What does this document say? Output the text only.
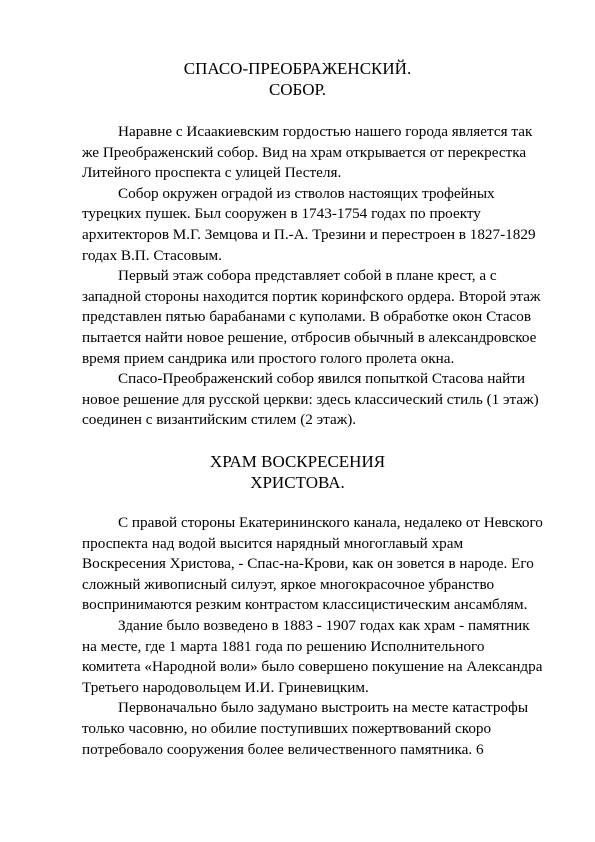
СПАСО-ПРЕОБРАЖЕНСКИЙ.
СОБОР.

Наравне с Исаакиевским гордостью нашего города является так же Преображенский собор. Вид на храм открывается от перекрестка Литейного проспекта с улицей Пестеля.

Собор окружен оградой из стволов настоящих трофейных турецких пушек. Был сооружен в 1743-1754 годах по проекту архитекторов М.Г. Земцова и П.-А. Трезини и перестроен в 1827-1829 годах В.П. Стасовым.

Первый этаж собора представляет собой в плане крест, а с западной стороны находится портик коринфского ордера. Второй этаж представлен пятью барабанами с куполами. В обработке окон Стасов пытается найти новое решение, отбросив обычный в александровское время прием сандрика или простого голого пролета окна.

Спасо-Преображенский собор явился попыткой Стасова найти новое решение для русской церкви: здесь классический стиль (1 этаж) соединен с византийским стилем (2 этаж).

ХРАМ ВОСКРЕСЕНИЯ
ХРИСТОВА.

С правой стороны Екатерининского канала, недалеко от Невского проспекта над водой высится нарядный многоглавый храм Воскресения Христова, - Спас-на-Крови, как он зовется в народе. Его сложный живописный силуэт, яркое многокрасочное убранство воспринимаются резким контрастом классицистическим ансамблям.

Здание было возведено в 1883 - 1907 годах как храм - памятник на месте, где 1 марта 1881 года по решению Исполнительного комитета «Народной воли» было совершено покушение на Александра Третьего народовольцем И.И. Гриневицким.

Первоначально было задумано выстроить на месте катастрофы только часовню, но обилие поступивших пожертвований скоро потребовало сооружения более величественного памятника. 6
